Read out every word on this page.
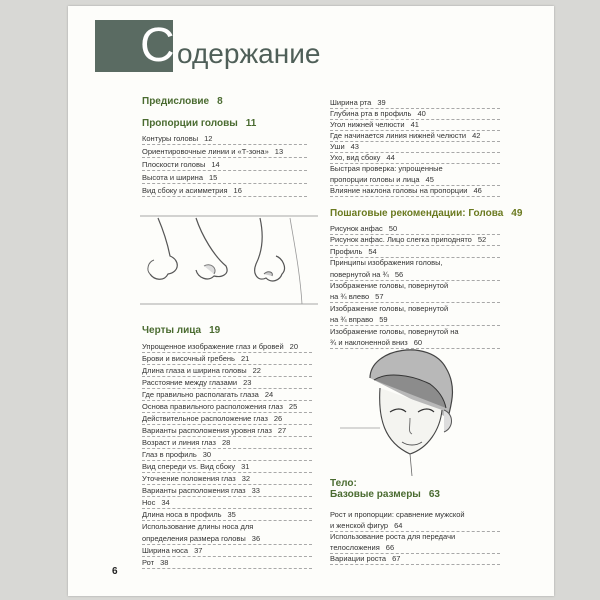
С одержание
Предисловие 8
Пропорции головы 11
Контуры головы 12
Ориентировочные линии и «Т-зона» 13
Плоскости головы 14
Высота и ширина 15
Вид сбоку и асимметрия 16
Черты лица 19
Упрощенное изображение глаз и бровей 20
Брови и височный гребень 21
Длина глаза и ширина головы 22
Расстояние между глазами 23
Где правильно располагать глаза 24
Основа правильного расположения глаз 25
Действительное расположение глаз 26
Варианты расположения уровня глаз 27
Возраст и линия глаз 28
Глаз в профиль 30
Вид спереди vs. Вид сбоку 31
Уточнение положения глаз 32
Варианты расположения глаз 33
Нос 34
Длина носа в профиль 35
Использование длины носа для
определения размера головы 36
Ширина носа 37
Рот 38
Ширина рта 39
Глубина рта в профиль 40
Угол нижней челюсти 41
Где начинается линия нижней челюсти 42
Уши 43
Ухо, вид сбоку 44
Быстрая проверка: упрощенные
пропорции головы и лица 45
Влияние наклона головы на пропорции 46
Пошаговые рекомендации: Голова 49
Рисунок анфас 50
Рисунок анфас. Лицо слегка приподнято 52
Профиль 54
Принципы изображения головы,
повернутой на ¾ 56
Изображение головы, повернутой
на ¾ влево 57
Изображение головы, повернутой
на ¾ вправо 59
Изображение головы, повернутой на
¾ и наклоненной вниз 60
Тело:
Базовые размеры 63
Рост и пропорции: сравнение мужской
и женской фигур 64
Использование роста для передачи
телосложения 66
Вариации роста 67
6
